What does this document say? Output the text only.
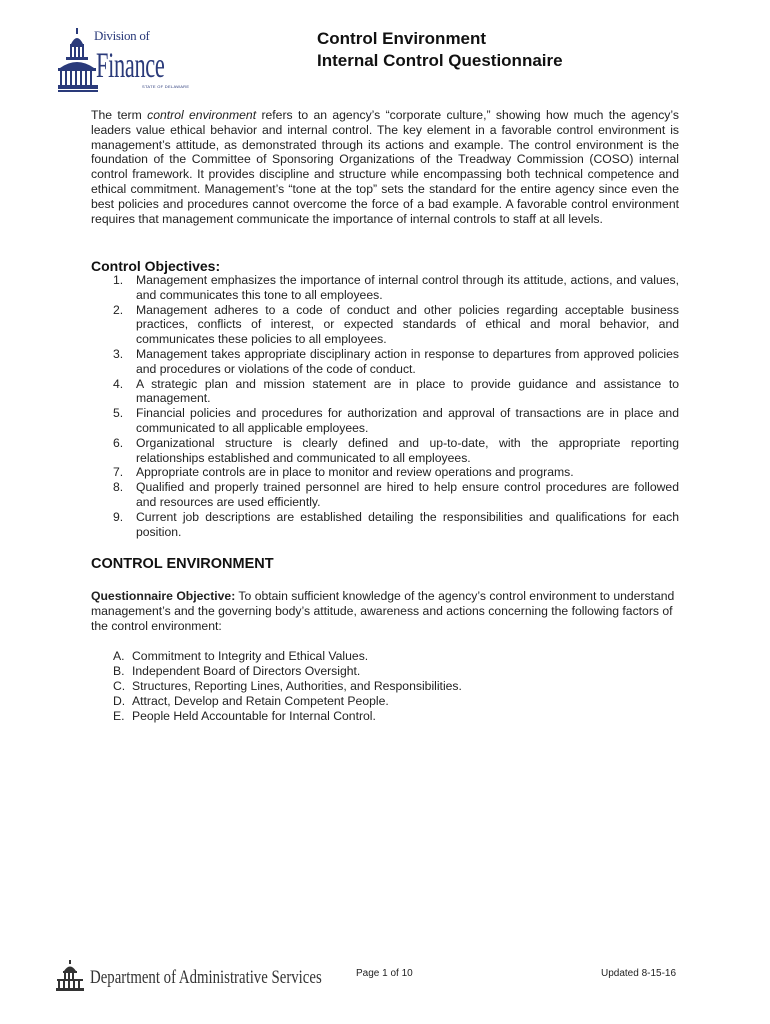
Division of
Finance
STATE OF DELAWARE
Control Environment
Internal Control Questionnaire

The term control environment refers to an agency’s “corporate culture,” showing how much the agency’s leaders value ethical behavior and internal control. The key element in a favorable control environment is management’s attitude, as demonstrated through its actions and example. The control environment is the foundation of the Committee of Sponsoring Organizations of the Treadway Commission (COSO) internal control framework. It provides discipline and structure while encompassing both technical competence and ethical commitment. Management’s “tone at the top” sets the standard for the entire agency since even the best policies and procedures cannot overcome the force of a bad example. A favorable control environment requires that management communicate the importance of internal controls to staff at all levels.

Control Objectives:
1. Management emphasizes the importance of internal control through its attitude, actions, and values, and communicates this tone to all employees.
2. Management adheres to a code of conduct and other policies regarding acceptable business practices, conflicts of interest, or expected standards of ethical and moral behavior, and communicates these policies to all employees.
3. Management takes appropriate disciplinary action in response to departures from approved policies and procedures or violations of the code of conduct.
4. A strategic plan and mission statement are in place to provide guidance and assistance to management.
5. Financial policies and procedures for authorization and approval of transactions are in place and communicated to all applicable employees.
6. Organizational structure is clearly defined and up-to-date, with the appropriate reporting relationships established and communicated to all employees.
7. Appropriate controls are in place to monitor and review operations and programs.
8. Qualified and properly trained personnel are hired to help ensure control procedures are followed and resources are used efficiently.
9. Current job descriptions are established detailing the responsibilities and qualifications for each position.
CONTROL ENVIRONMENT

Questionnaire Objective: To obtain sufficient knowledge of the agency’s control environment to understand management’s and the governing body’s attitude, awareness and actions concerning the following factors of the control environment:

A. Commitment to Integrity and Ethical Values.
B. Independent Board of Directors Oversight.
C. Structures, Reporting Lines, Authorities, and Responsibilities.
D. Attract, Develop and Retain Competent People.
E. People Held Accountable for Internal Control.
Department of Administrative Services	Page 1 of 10	Updated 8-15-16
